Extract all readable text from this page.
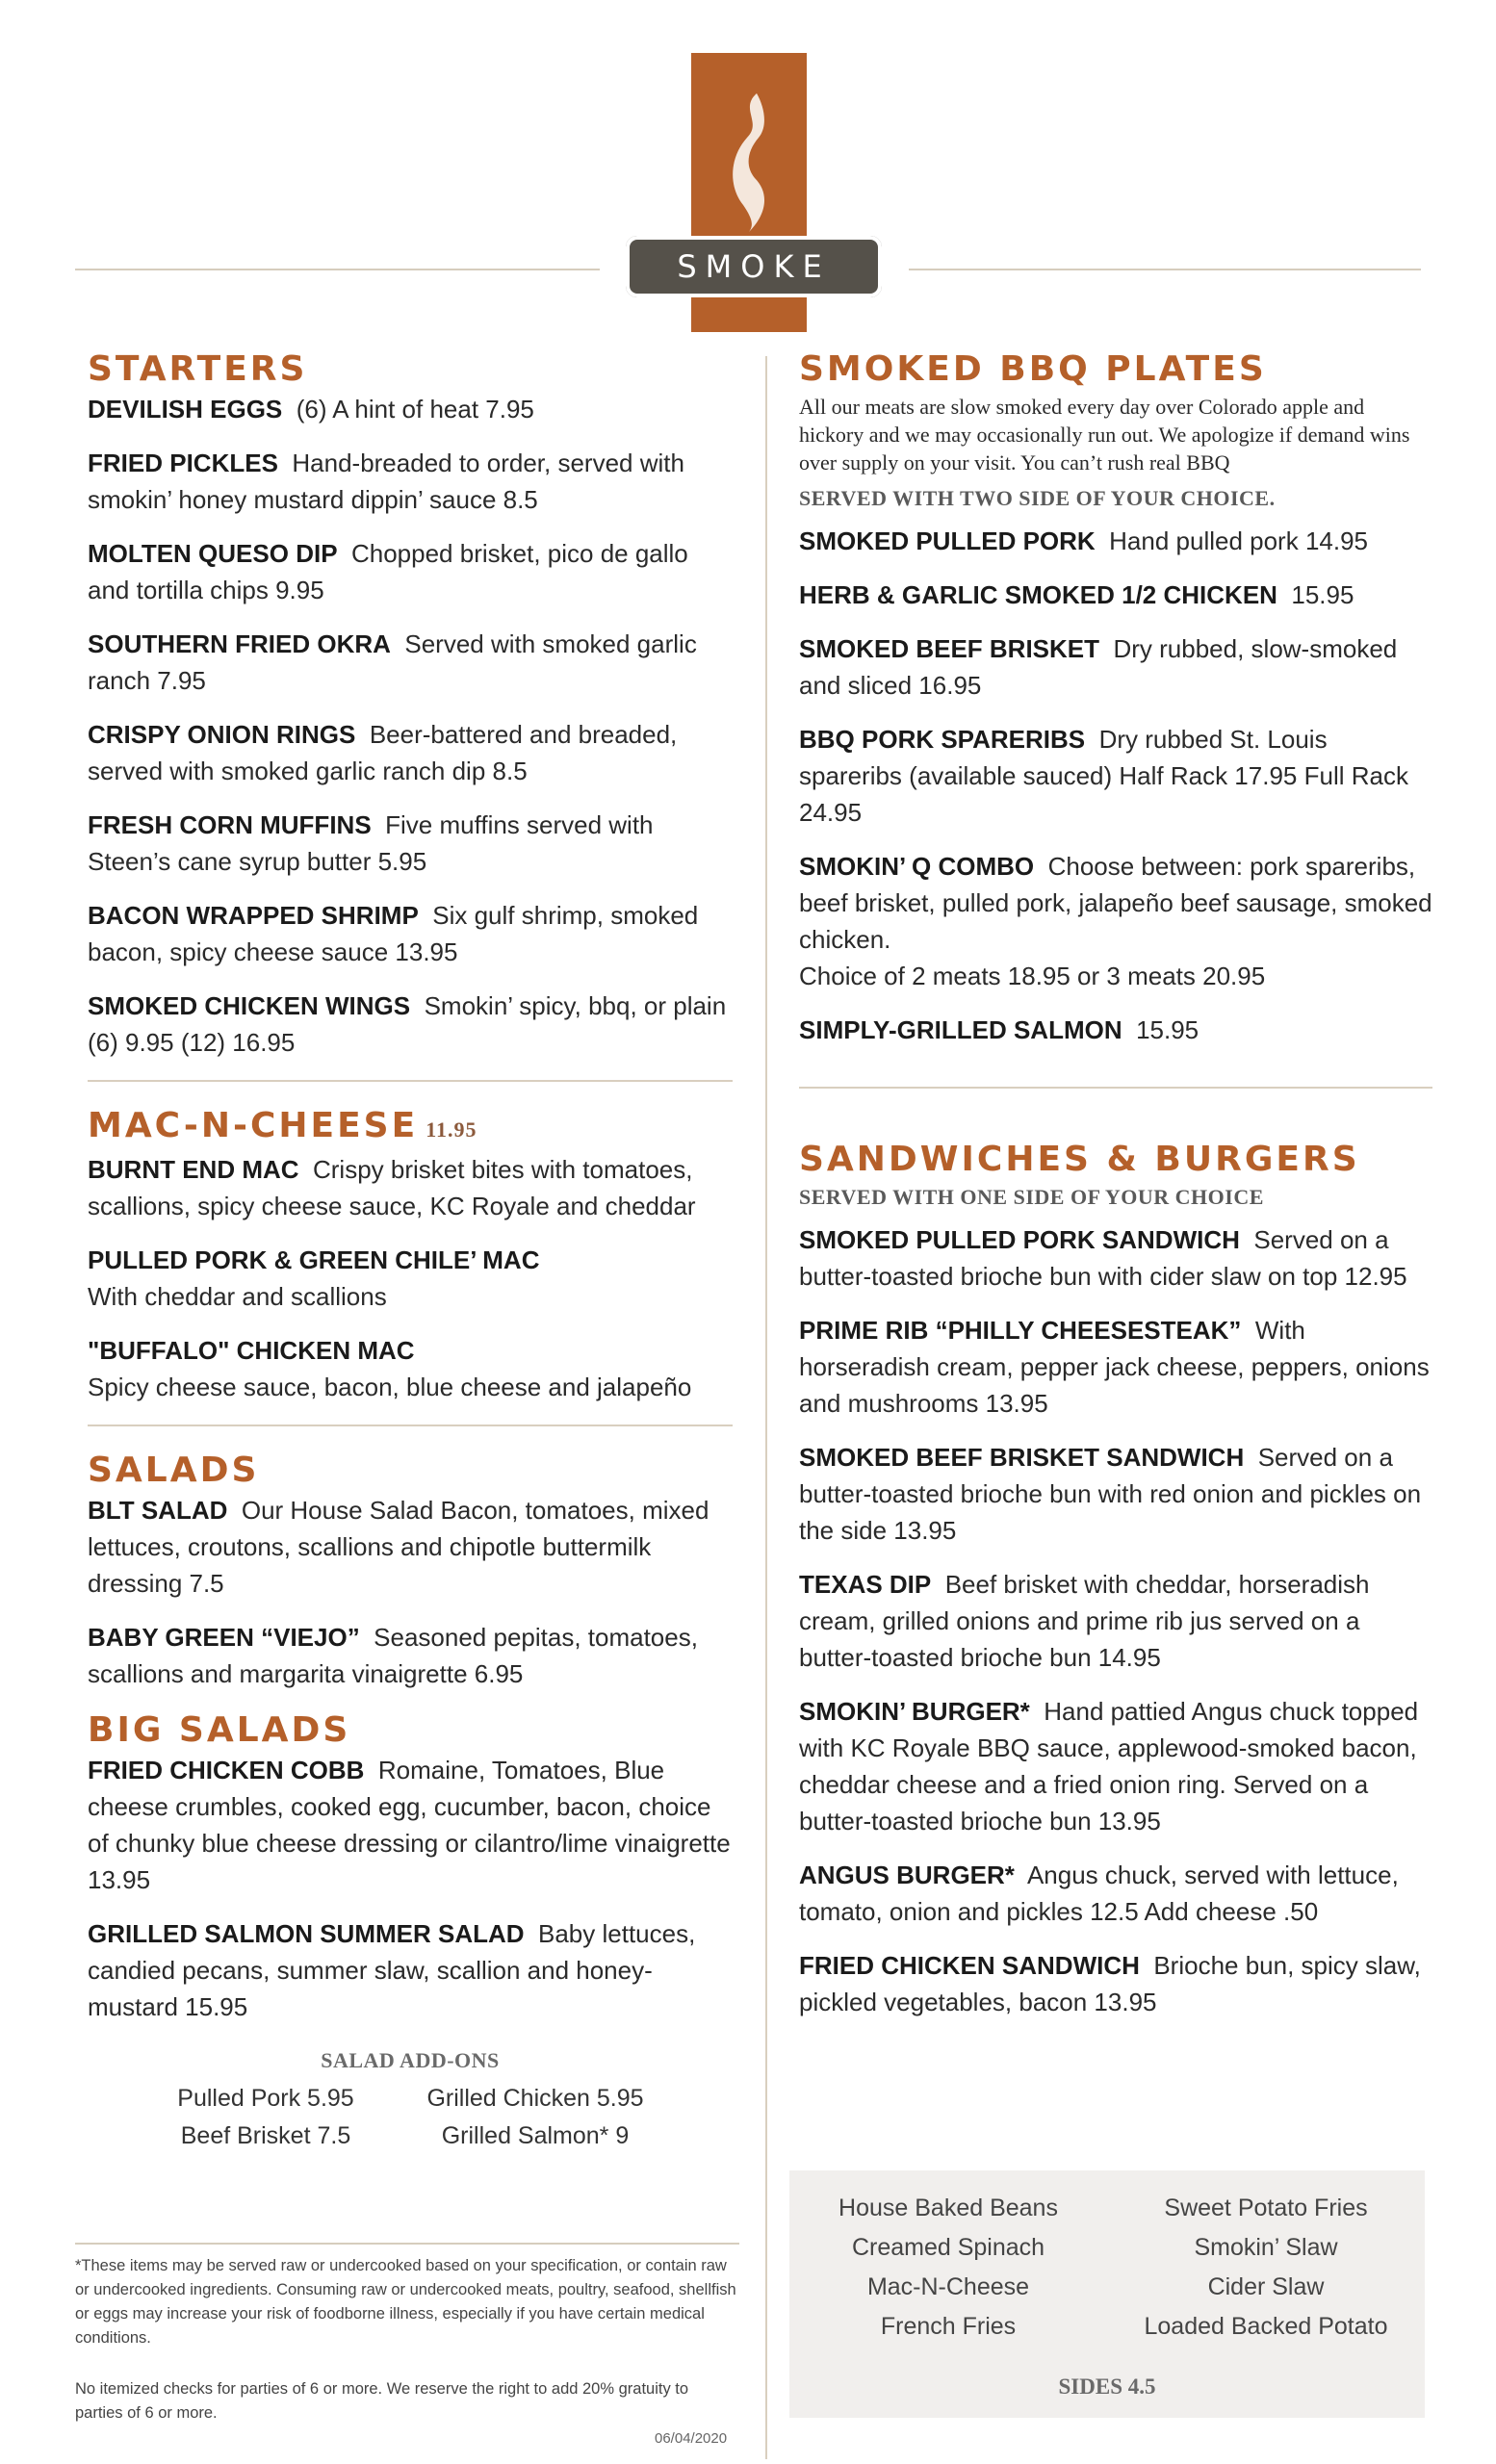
SMOKE
STARTERS

DEVILISH EGGS (6) A hint of heat 7.95

FRIED PICKLES Hand-breaded to order, served with smokin’ honey mustard dippin’ sauce 8.5

MOLTEN QUESO DIP Chopped brisket, pico de gallo and tortilla chips 9.95

SOUTHERN FRIED OKRA Served with smoked garlic ranch 7.95

CRISPY ONION RINGS Beer-battered and breaded, served with smoked garlic ranch dip 8.5

FRESH CORN MUFFINS Five muffins served with Steen’s cane syrup butter 5.95

BACON WRAPPED SHRIMP Six gulf shrimp, smoked bacon, spicy cheese sauce 13.95

SMOKED CHICKEN WINGS Smokin’ spicy, bbq, or plain (6) 9.95 (12) 16.95

MAC-N-CHEESE 11.95

BURNT END MAC Crispy brisket bites with tomatoes, scallions, spicy cheese sauce, KC Royale and cheddar

PULLED PORK & GREEN CHILE’ MAC
With cheddar and scallions

"BUFFALO" CHICKEN MAC
Spicy cheese sauce, bacon, blue cheese and jalapeño

SALADS

BLT SALAD Our House Salad Bacon, tomatoes, mixed lettuces, croutons, scallions and chipotle buttermilk dressing 7.5

BABY GREEN “VIEJO” Seasoned pepitas, tomatoes, scallions and margarita vinaigrette 6.95

BIG SALADS

FRIED CHICKEN COBB Romaine, Tomatoes, Blue cheese crumbles, cooked egg, cucumber, bacon, choice of chunky blue cheese dressing or cilantro/lime vinaigrette 13.95

GRILLED SALMON SUMMER SALAD Baby lettuces, candied pecans, summer slaw, scallion and honey-mustard 15.95

SALAD ADD-ONS
Pulled Pork 5.95	Grilled Chicken 5.95
Beef Brisket 7.5	Grilled Salmon* 9
*These items may be served raw or undercooked based on your specification, or contain raw or undercooked ingredients. Consuming raw or undercooked meats, poultry, seafood, shellfish or eggs may increase your risk of foodborne illness, especially if you have certain medical conditions.
No itemized checks for parties of 6 or more. We reserve the right to add 20% gratuity to parties of 6 or more.
06/04/2020
SMOKED BBQ PLATES

All our meats are slow smoked every day over Colorado apple and hickory and we may occasionally run out. We apologize if demand wins over supply on your visit. You can’t rush real BBQ

SERVED WITH TWO SIDE OF YOUR CHOICE.

SMOKED PULLED PORK Hand pulled pork 14.95

HERB & GARLIC SMOKED 1/2 CHICKEN 15.95

SMOKED BEEF BRISKET Dry rubbed, slow-smoked and sliced 16.95

BBQ PORK SPARERIBS Dry rubbed St. Louis spareribs (available sauced) Half Rack 17.95 Full Rack 24.95

SMOKIN’ Q COMBO Choose between: pork spareribs, beef brisket, pulled pork, jalapeño beef sausage, smoked chicken.
Choice of 2 meats 18.95 or 3 meats 20.95

SIMPLY-GRILLED SALMON 15.95

SANDWICHES & BURGERS
SERVED WITH ONE SIDE OF YOUR CHOICE

SMOKED PULLED PORK SANDWICH Served on a butter-toasted brioche bun with cider slaw on top 12.95

PRIME RIB “PHILLY CHEESESTEAK” With horseradish cream, pepper jack cheese, peppers, onions and mushrooms 13.95

SMOKED BEEF BRISKET SANDWICH Served on a butter-toasted brioche bun with red onion and pickles on the side 13.95

TEXAS DIP Beef brisket with cheddar, horseradish cream, grilled onions and prime rib jus served on a butter-toasted brioche bun 14.95

SMOKIN’ BURGER* Hand pattied Angus chuck topped with KC Royale BBQ sauce, applewood-smoked bacon, cheddar cheese and a fried onion ring. Served on a butter-toasted brioche bun 13.95

ANGUS BURGER* Angus chuck, served with lettuce, tomato, onion and pickles 12.5 Add cheese .50

FRIED CHICKEN SANDWICH Brioche bun, spicy slaw, pickled vegetables, bacon 13.95

House Baked Beans	Sweet Potato Fries
Creamed Spinach	Smokin’ Slaw
Mac-N-Cheese	Cider Slaw
French Fries	Loaded Backed Potato
SIDES 4.5
